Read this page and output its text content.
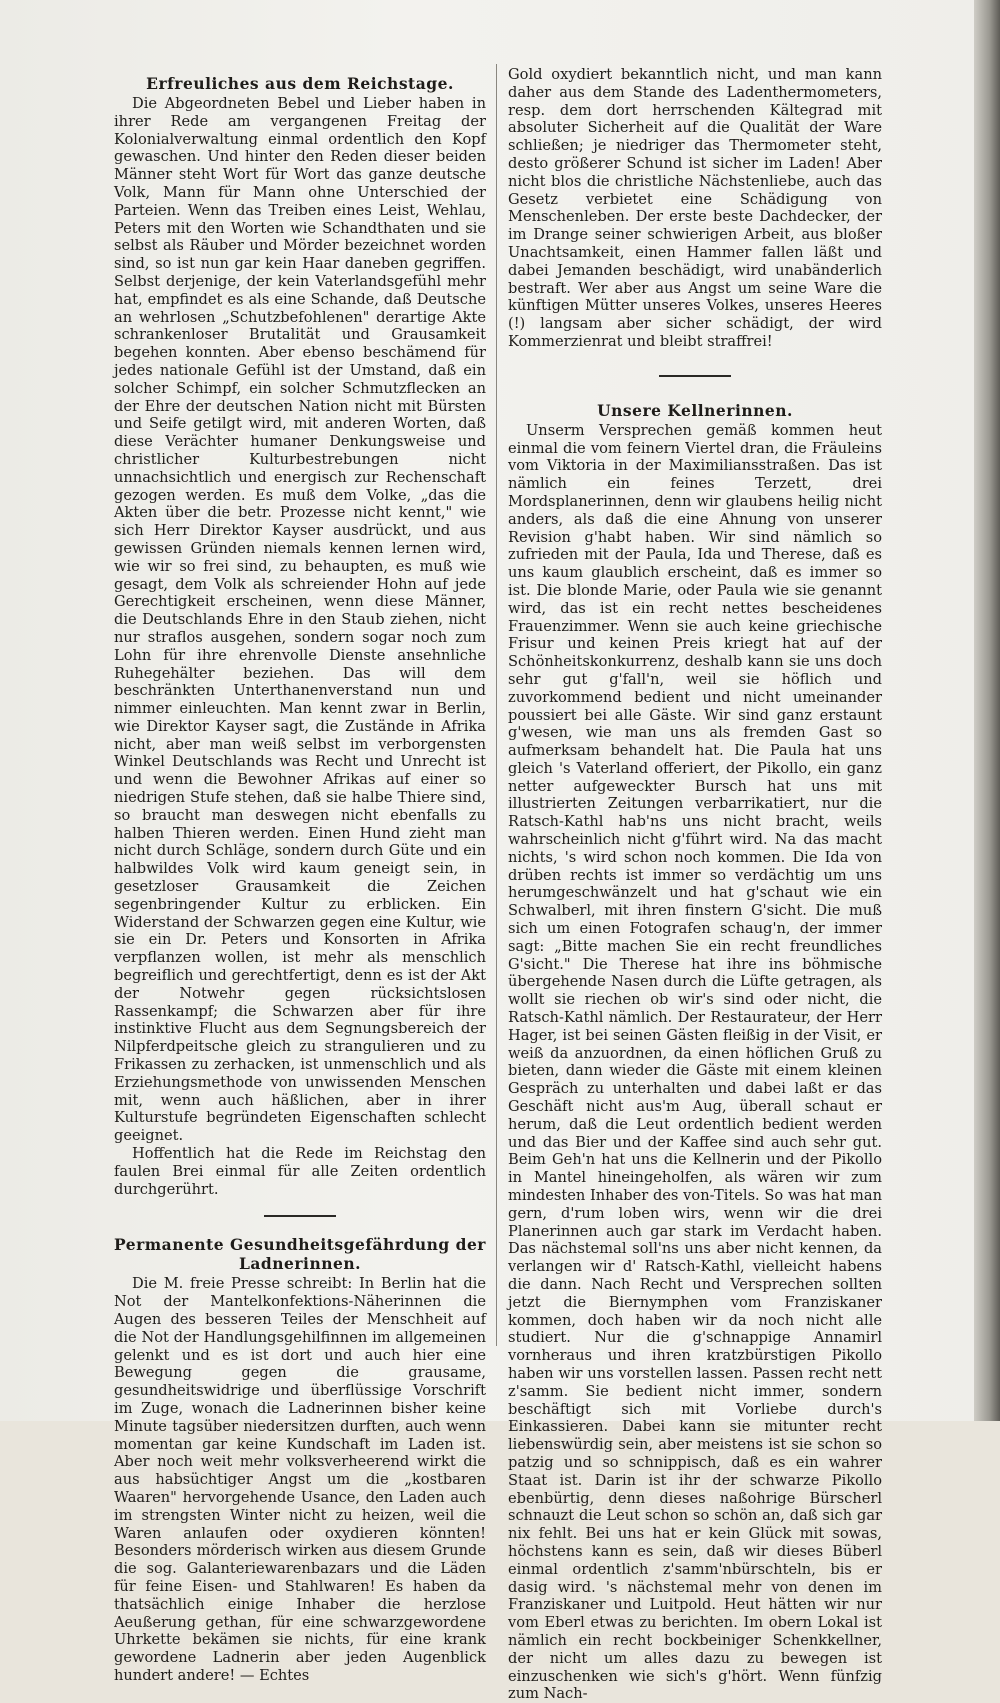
Erfreuliches aus dem Reichstage.

Die Abgeordneten Bebel und Lieber haben in ihrer Rede am vergangenen Freitag der Kolonialverwaltung einmal ordentlich den Kopf gewaschen. Und hinter den Reden dieser beiden Männer steht Wort für Wort das ganze deutsche Volk, Mann für Mann ohne Unterschied der Parteien. Wenn das Treiben eines Leist, Wehlau, Peters mit den Worten wie Schandthaten und sie selbst als Räuber und Mörder bezeichnet worden sind, so ist nun gar kein Haar daneben gegriffen. Selbst derjenige, der kein Vaterlandsgefühl mehr hat, empfindet es als eine Schande, daß Deutsche an wehrlosen „Schutzbefohlenen" derartige Akte schrankenloser Brutalität und Grausamkeit begehen konnten. Aber ebenso beschämend für jedes nationale Gefühl ist der Umstand, daß ein solcher Schimpf, ein solcher Schmutzflecken an der Ehre der deutschen Nation nicht mit Bürsten und Seife getilgt wird, mit anderen Worten, daß diese Verächter humaner Denkungsweise und christlicher Kulturbestrebungen nicht unnachsichtlich und energisch zur Rechenschaft gezogen werden. Es muß dem Volke, „das die Akten über die betr. Prozesse nicht kennt," wie sich Herr Direktor Kayser ausdrückt, und aus gewissen Gründen niemals kennen lernen wird, wie wir so frei sind, zu behaupten, es muß wie gesagt, dem Volk als schreiender Hohn auf jede Gerechtigkeit erscheinen, wenn diese Männer, die Deutschlands Ehre in den Staub ziehen, nicht nur straflos ausgehen, sondern sogar noch zum Lohn für ihre ehrenvolle Dienste ansehnliche Ruhegehälter beziehen. Das will dem beschränkten Unterthanenverstand nun und nimmer einleuchten. Man kennt zwar in Berlin, wie Direktor Kayser sagt, die Zustände in Afrika nicht, aber man weiß selbst im verborgensten Winkel Deutschlands was Recht und Unrecht ist und wenn die Bewohner Afrikas auf einer so niedrigen Stufe stehen, daß sie halbe Thiere sind, so braucht man deswegen nicht ebenfalls zu halben Thieren werden. Einen Hund zieht man nicht durch Schläge, sondern durch Güte und ein halbwildes Volk wird kaum geneigt sein, in gesetzloser Grausamkeit die Zeichen segenbringender Kultur zu erblicken. Ein Widerstand der Schwarzen gegen eine Kultur, wie sie ein Dr. Peters und Konsorten in Afrika verpflanzen wollen, ist mehr als menschlich begreiflich und gerechtfertigt, denn es ist der Akt der Notwehr gegen rücksichtslosen Rassenkampf; die Schwarzen aber für ihre instinktive Flucht aus dem Segnungsbereich der Nilpferdpeitsche gleich zu strangulieren und zu Frikassen zu zerhacken, ist unmenschlich und als Erziehungsmethode von unwissenden Menschen mit, wenn auch häßlichen, aber in ihrer Kulturstufe begründeten Eigenschaften schlecht geeignet.

Hoffentlich hat die Rede im Reichstag den faulen Brei einmal für alle Zeiten ordentlich durchgerührt.

Permanente Gesundheitsgefährdung der Ladnerinnen.

Die M. freie Presse schreibt: In Berlin hat die Not der Mantelkonfektions-Näherinnen die Augen des besseren Teiles der Menschheit auf die Not der Handlungsgehilfinnen im allgemeinen gelenkt und es ist dort und auch hier eine Bewegung gegen die grausame, gesundheitswidrige und überflüssige Vorschrift im Zuge, wonach die Ladnerinnen bisher keine Minute tagsüber niedersitzen durften, auch wenn momentan gar keine Kundschaft im Laden ist. Aber noch weit mehr volksverheerend wirkt die aus habsüchtiger Angst um die „kostbaren Waaren" hervorgehende Usance, den Laden auch im strengsten Winter nicht zu heizen, weil die Waren anlaufen oder oxydieren könnten! Besonders mörderisch wirken aus diesem Grunde die sog. Galanteriewarenbazars und die Läden für feine Eisen- und Stahlwaren! Es haben da thatsächlich einige Inhaber die herzlose Aeußerung gethan, für eine schwarzgewordene Uhrkette bekämen sie nichts, für eine krank gewordene Ladnerin aber jeden Augenblick hundert andere! — Echtes

Gold oxydiert bekanntlich nicht, und man kann daher aus dem Stande des Ladenthermometers, resp. dem dort herrschenden Kältegrad mit absoluter Sicherheit auf die Qualität der Ware schließen; je niedriger das Thermometer steht, desto größerer Schund ist sicher im Laden! Aber nicht blos die christliche Nächstenliebe, auch das Gesetz verbietet eine Schädigung von Menschenleben. Der erste beste Dachdecker, der im Drange seiner schwierigen Arbeit, aus bloßer Unachtsamkeit, einen Hammer fallen läßt und dabei Jemanden beschädigt, wird unabänderlich bestraft. Wer aber aus Angst um seine Ware die künftigen Mütter unseres Volkes, unseres Heeres (!) langsam aber sicher schädigt, der wird Kommerzienrat und bleibt straffrei!

Unsere Kellnerinnen.

Unserm Versprechen gemäß kommen heut einmal die vom feinern Viertel dran, die Fräuleins vom Viktoria in der Maximiliansstraßen. Das ist nämlich ein feines Terzett, drei Mordsplanerinnen, denn wir glaubens heilig nicht anders, als daß die eine Ahnung von unserer Revision g'habt haben. Wir sind nämlich so zufrieden mit der Paula, Ida und Therese, daß es uns kaum glaublich erscheint, daß es immer so ist. Die blonde Marie, oder Paula wie sie genannt wird, das ist ein recht nettes bescheidenes Frauenzimmer. Wenn sie auch keine griechische Frisur und keinen Preis kriegt hat auf der Schönheitskonkurrenz, deshalb kann sie uns doch sehr gut g'fall'n, weil sie höflich und zuvorkommend bedient und nicht umeinander poussiert bei alle Gäste. Wir sind ganz erstaunt g'wesen, wie man uns als fremden Gast so aufmerksam behandelt hat. Die Paula hat uns gleich 's Vaterland offeriert, der Pikollo, ein ganz netter aufgeweckter Bursch hat uns mit illustrierten Zeitungen verbarrikatiert, nur die Ratsch-Kathl hab'ns uns nicht bracht, weils wahrscheinlich nicht g'führt wird. Na das macht nichts, 's wird schon noch kommen. Die Ida von drüben rechts ist immer so verdächtig um uns herumgeschwänzelt und hat g'schaut wie ein Schwalberl, mit ihren finstern G'sicht. Die muß sich um einen Fotografen schaug'n, der immer sagt: „Bitte machen Sie ein recht freundliches G'sicht." Die Therese hat ihre ins böhmische übergehende Nasen durch die Lüfte getragen, als wollt sie riechen ob wir's sind oder nicht, die Ratsch-Kathl nämlich. Der Restaurateur, der Herr Hager, ist bei seinen Gästen fleißig in der Visit, er weiß da anzuordnen, da einen höflichen Gruß zu bieten, dann wieder die Gäste mit einem kleinen Gespräch zu unterhalten und dabei laßt er das Geschäft nicht aus'm Aug, überall schaut er herum, daß die Leut ordentlich bedient werden und das Bier und der Kaffee sind auch sehr gut. Beim Geh'n hat uns die Kellnerin und der Pikollo in Mantel hineingeholfen, als wären wir zum mindesten Inhaber des von-Titels. So was hat man gern, d'rum loben wirs, wenn wir die drei Planerinnen auch gar stark im Verdacht haben. Das nächstemal soll'ns uns aber nicht kennen, da verlangen wir d' Ratsch-Kathl, vielleicht habens die dann. Nach Recht und Versprechen sollten jetzt die Biernymphen vom Franziskaner kommen, doch haben wir da noch nicht alle studiert. Nur die g'schnappige Annamirl vornheraus und ihren kratzbürstigen Pikollo haben wir uns vorstellen lassen. Passen recht nett z'samm. Sie bedient nicht immer, sondern beschäftigt sich mit Vorliebe durch's Einkassieren. Dabei kann sie mitunter recht liebenswürdig sein, aber meistens ist sie schon so patzig und so schnippisch, daß es ein wahrer Staat ist. Darin ist ihr der schwarze Pikollo ebenbürtig, denn dieses naßohrige Bürscherl schnauzt die Leut schon so schön an, daß sich gar nix fehlt. Bei uns hat er kein Glück mit sowas, höchstens kann es sein, daß wir dieses Büberl einmal ordentlich z'samm'nbürschteln, bis er dasig wird. 's nächstemal mehr von denen im Franziskaner und Luitpold. Heut hätten wir nur vom Eberl etwas zu berichten. Im obern Lokal ist nämlich ein recht bockbeiniger Schenkkellner, der nicht um alles dazu zu bewegen ist einzuschenken wie sich's g'hört. Wenn fünfzig zum Nach-
